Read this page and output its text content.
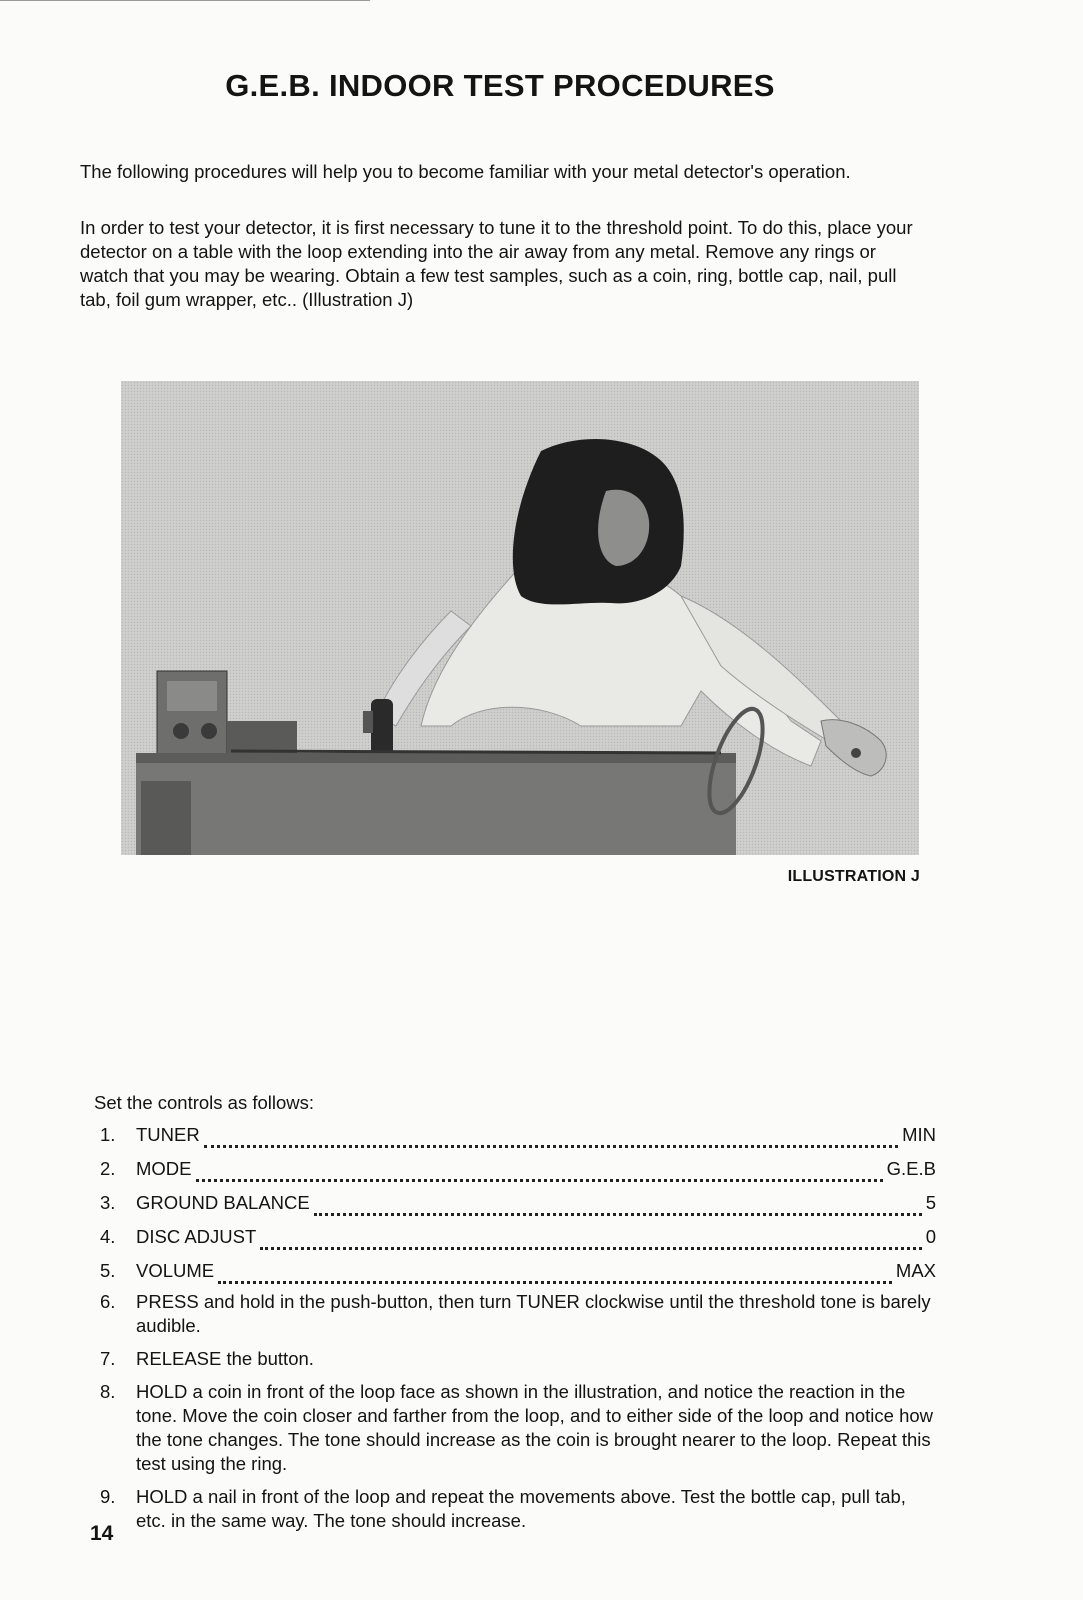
G.E.B. INDOOR TEST PROCEDURES

The following procedures will help you to become familiar with your metal detector's operation.

In order to test your detector, it is first necessary to tune it to the threshold point. To do this, place your detector on a table with the loop extending into the air away from any metal. Remove any rings or watch that you may be wearing. Obtain a few test samples, such as a coin, ring, bottle cap, nail, pull tab, foil gum wrapper, etc.. (Illustration J)

ILLUSTRATION J
Set the controls as follows:
1.	TUNER	MIN
2.	MODE	G.E.B
3.	GROUND BALANCE	5
4.	DISC ADJUST	0
5.	VOLUME	MAX
6.	PRESS and hold in the push-button, then turn TUNER clockwise until the threshold tone is barely audible.
7.	RELEASE the button.
8.	HOLD a coin in front of the loop face as shown in the illustration, and notice the reaction in the tone. Move the coin closer and farther from the loop, and to either side of the loop and notice how the tone changes. The tone should increase as the coin is brought nearer to the loop. Repeat this test using the ring.
9.	HOLD a nail in front of the loop and repeat the movements above. Test the bottle cap, pull tab, etc. in the same way. The tone should increase.
14
